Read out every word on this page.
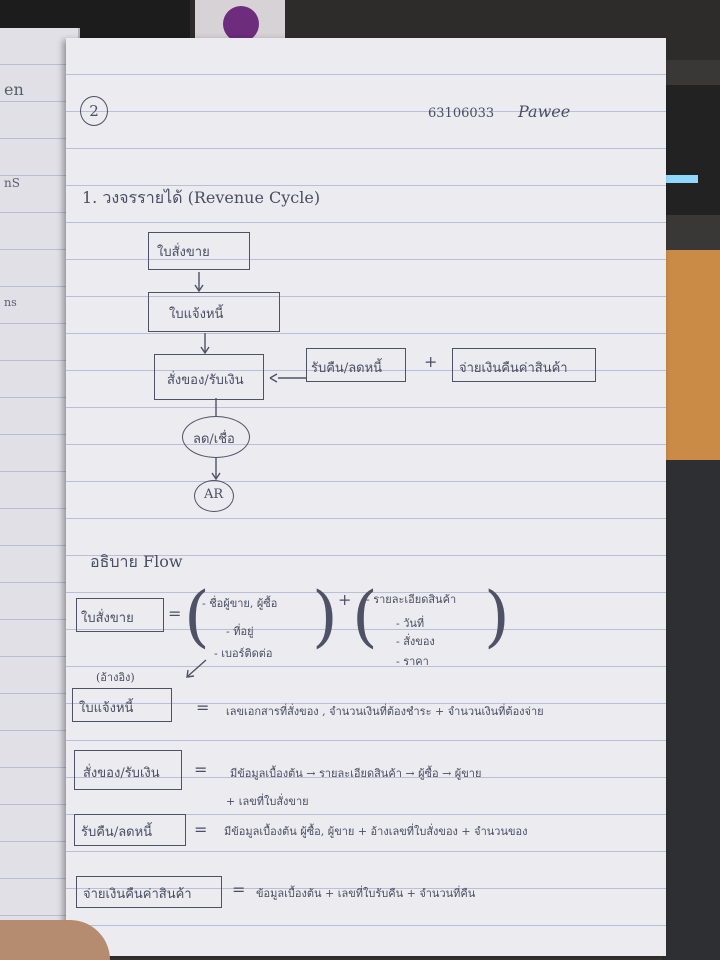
en
nS
ns
2	63106033 Pawee
1. วงจรรายได้ (Revenue Cycle)
ใบสั่งขาย
ใบแจ้งหนี้
สั่งของ/รับเงิน
รับคืน/ลดหนี้	+ จ่ายเงินคืนค่าสินค้า
ลด/เชื่อ
AR
อธิบาย Flow
ใบสั่งขาย = (
- ชื่อผู้ขาย, ผู้ซื้อ
- ที่อยู่
- เบอร์ติดต่อ ) + (
- รายละเอียดสินค้า
- วันที่
- สั่งของ
- ราคา
)
(อ้างอิง)
ใบแจ้งหนี้	= เลขเอกสารที่สั่งของ , จำนวนเงินที่ต้องชำระ + จำนวนเงินที่ต้องจ่าย
สั่งของ/รับเงิน = มีข้อมูลเบื้องต้น → รายละเอียดสินค้า → ผู้ซื้อ → ผู้ขาย
+ เลขที่ใบสั่งขาย
รับคืน/ลดหนี้	= มีข้อมูลเบื้องต้น ผู้ซื้อ, ผู้ขาย + อ้างเลขที่ใบสั่งของ + จำนวนของ
จ่ายเงินคืนค่าสินค้า	= ข้อมูลเบื้องต้น + เลขที่ใบรับคืน + จำนวนที่คืน
